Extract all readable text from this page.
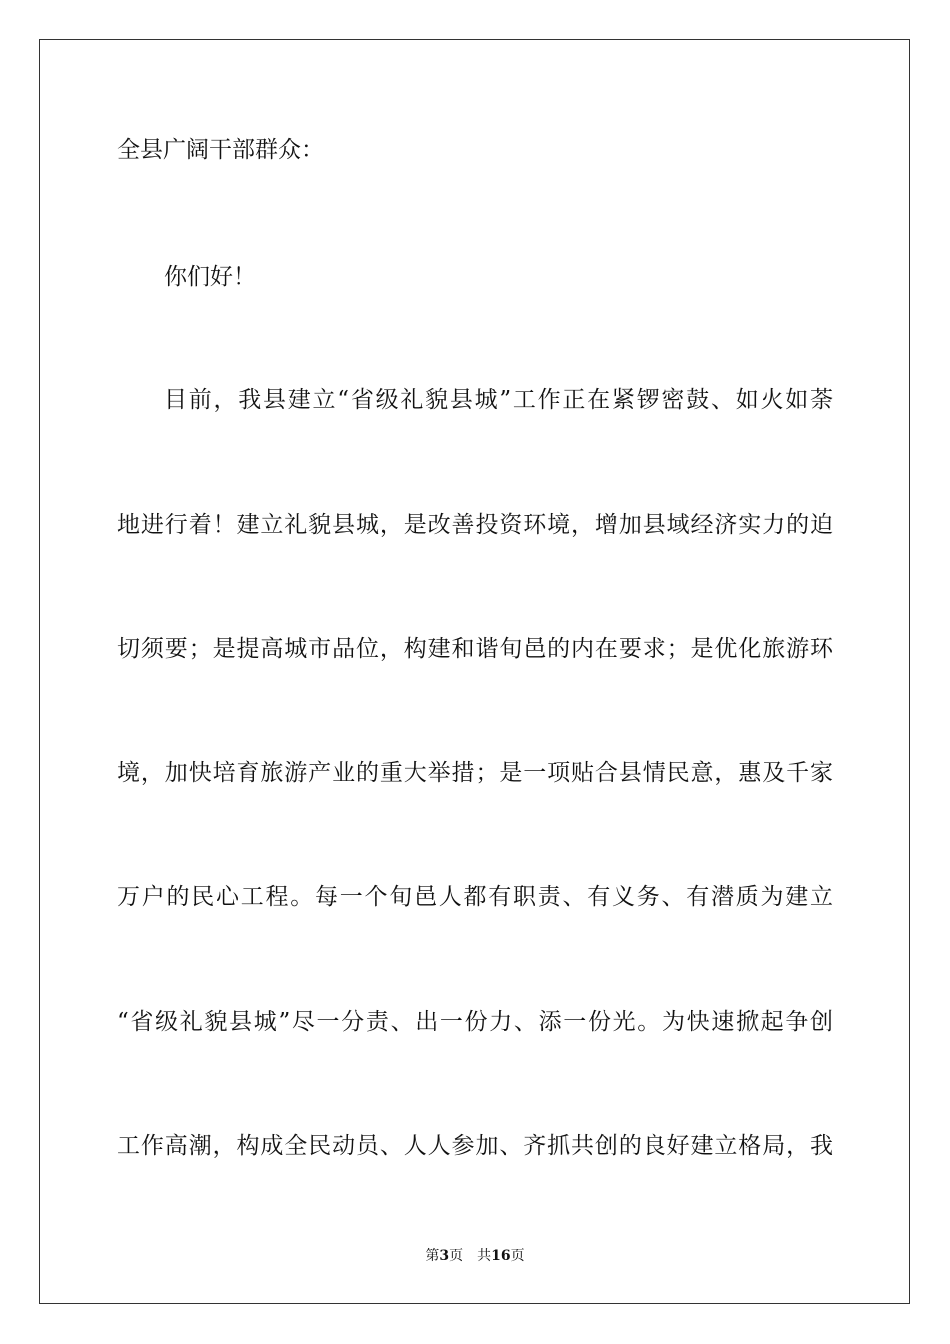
全县广阔干部群众：
你们好！
目前，我县建立“省级礼貌县城”工作正在紧锣密鼓、如火如荼
地进行着！建立礼貌县城，是改善投资环境，增加县域经济实力的迫
切须要；是提高城市品位，构建和谐旬邑的内在要求；是优化旅游环
境，加快培育旅游产业的重大举措；是一项贴合县情民意，惠及千家
万户的民心工程。每一个旬邑人都有职责、有义务、有潜质为建立
“省级礼貌县城”尽一分责、出一份力、添一份光。为快速掀起争创
工作高潮，构成全民动员、人人参加、齐抓共创的良好建立格局，我
第3页 共16页
